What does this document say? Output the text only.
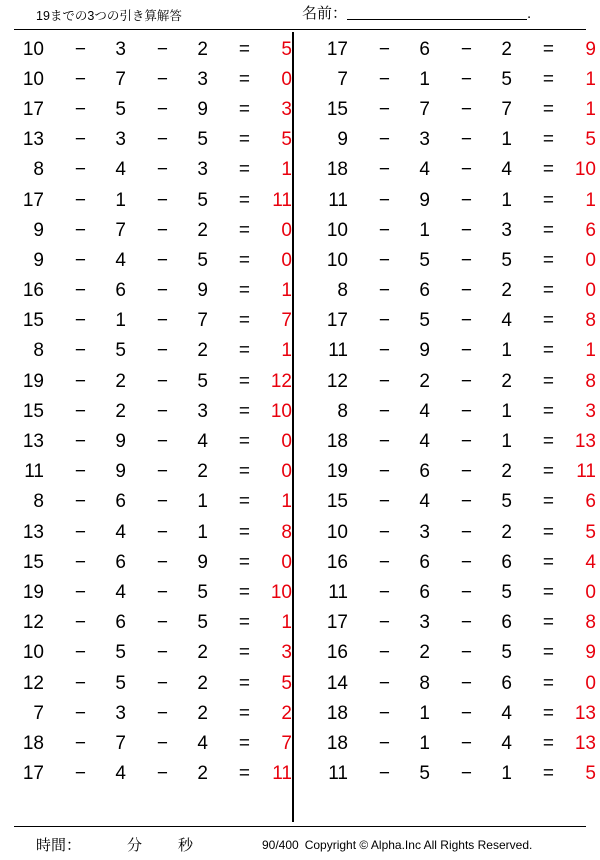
19までの3つの引き算解答	名前：	.
10	−	3	−	2	=	5
10	−	7	−	3	=	0
17	−	5	−	9	=	3
13	−	3	−	5	=	5
8	−	4	−	3	=	1
17	−	1	−	5	=	11
9	−	7	−	2	=	0
9	−	4	−	5	=	0
16	−	6	−	9	=	1
15	−	1	−	7	=	7
8	−	5	−	2	=	1
19	−	2	−	5	=	12
15	−	2	−	3	=	10
13	−	9	−	4	=	0
11	−	9	−	2	=	0
8	−	6	−	1	=	1
13	−	4	−	1	=	8
15	−	6	−	9	=	0
19	−	4	−	5	=	10
12	−	6	−	5	=	1
10	−	5	−	2	=	3
12	−	5	−	2	=	5
7	−	3	−	2	=	2
18	−	7	−	4	=	7
17	−	4	−	2	=	11
17	−	6	−	2	=	9
7	−	1	−	5	=	1
15	−	7	−	7	=	1
9	−	3	−	1	=	5
18	−	4	−	4	=	10
11	−	9	−	1	=	1
10	−	1	−	3	=	6
10	−	5	−	5	=	0
8	−	6	−	2	=	0
17	−	5	−	4	=	8
11	−	9	−	1	=	1
12	−	2	−	2	=	8
8	−	4	−	1	=	3
18	−	4	−	1	=	13
19	−	6	−	2	=	11
15	−	4	−	5	=	6
10	−	3	−	2	=	5
16	−	6	−	6	=	4
11	−	6	−	5	=	0
17	−	3	−	6	=	8
16	−	2	−	5	=	9
14	−	8	−	6	=	0
18	−	1	−	4	=	13
18	−	1	−	4	=	13
11	−	5	−	1	=	5
時間：	分 秒	90/400 Copyright © Alpha.Inc All Rights Reserved.
